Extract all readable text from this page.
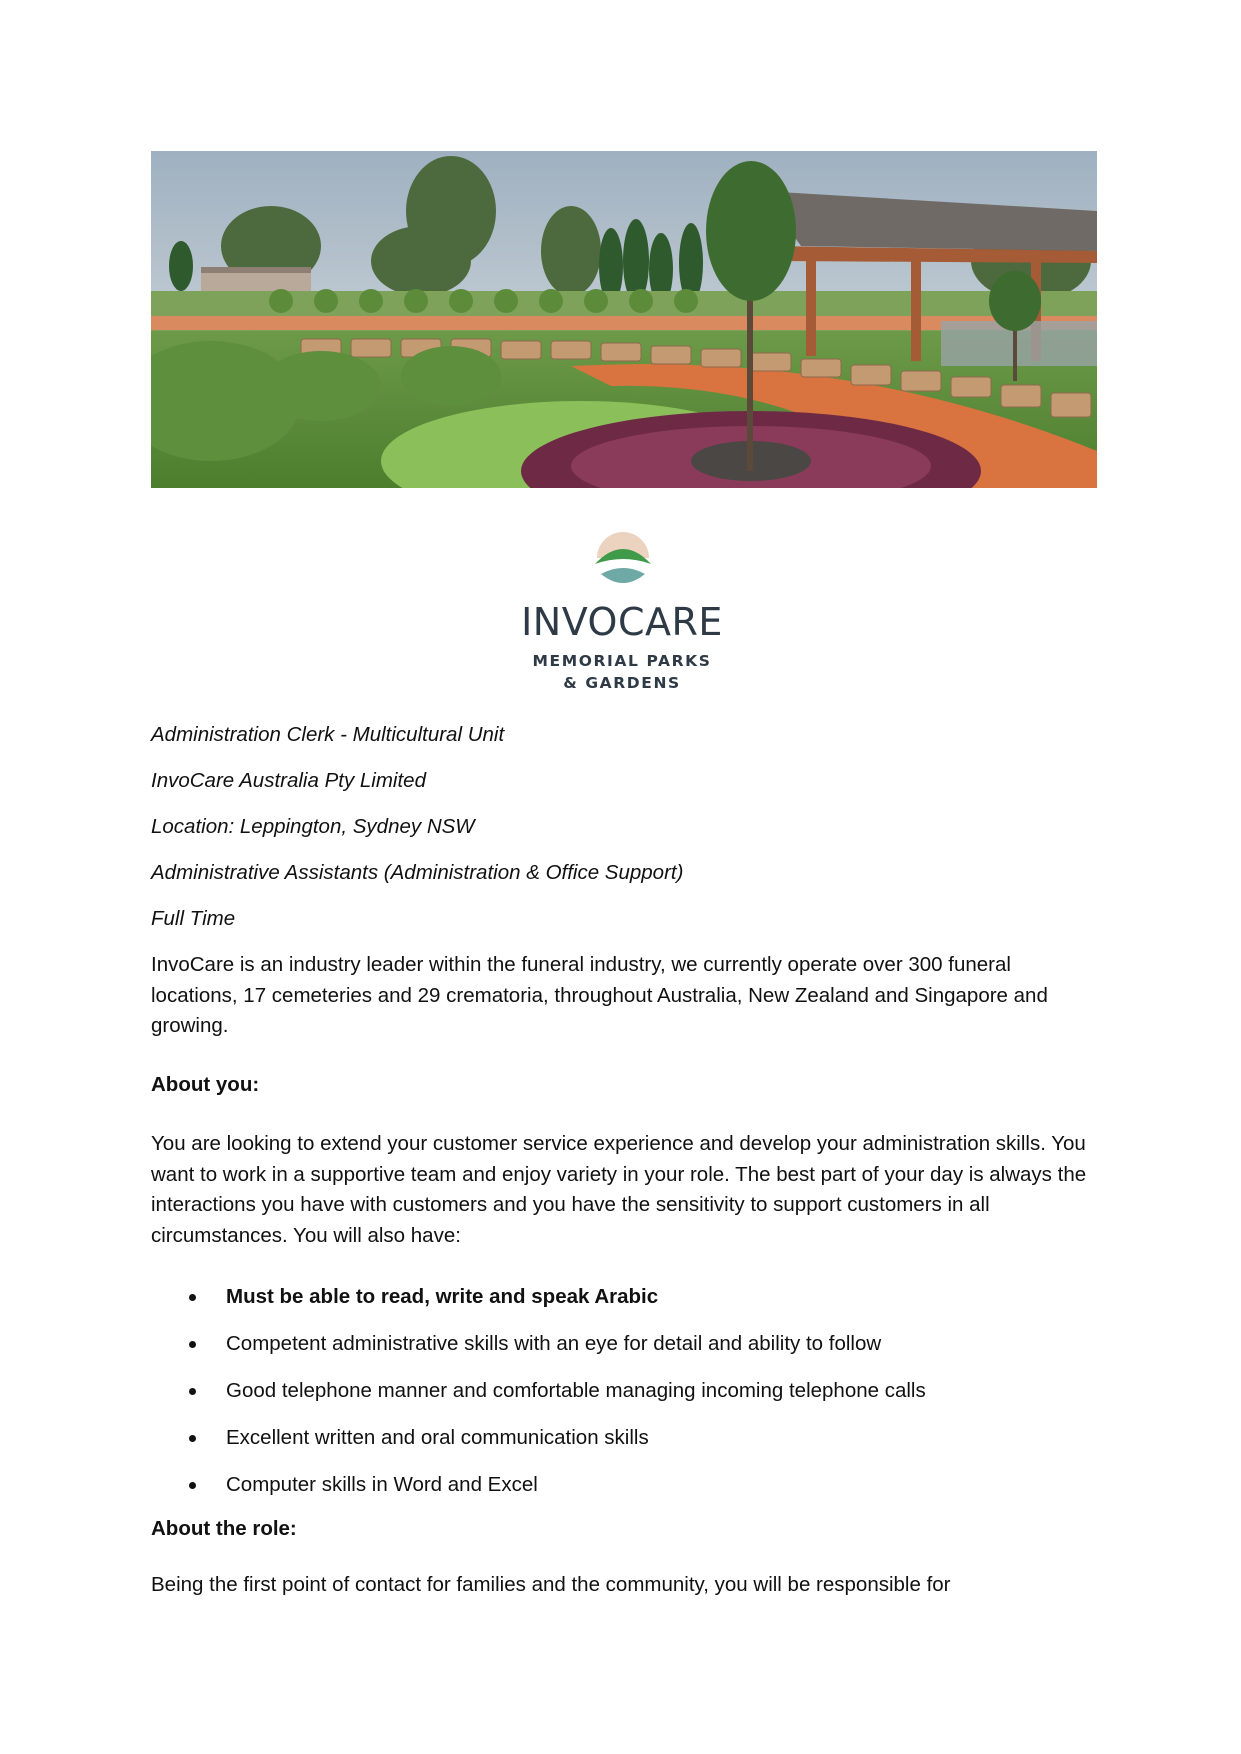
INVOCARE
MEMORIAL PARKS
& GARDENS
Administration Clerk - Multicultural Unit
InvoCare Australia Pty Limited
Location: Leppington, Sydney NSW
Administrative Assistants (Administration & Office Support)
Full Time
InvoCare is an industry leader within the funeral industry, we currently operate over 300 funeral locations, 17 cemeteries and 29 crematoria, throughout Australia, New Zealand and Singapore and growing.
About you:
You are looking to extend your customer service experience and develop your administration skills. You want to work in a supportive team and enjoy variety in your role. The best part of your day is always the interactions you have with customers and you have the sensitivity to support customers in all circumstances. You will also have:
Must be able to read, write and speak Arabic
Competent administrative skills with an eye for detail and ability to follow
Good telephone manner and comfortable managing incoming telephone calls
Excellent written and oral communication skills
Computer skills in Word and Excel
About the role:
Being the first point of contact for families and the community, you will be responsible for
